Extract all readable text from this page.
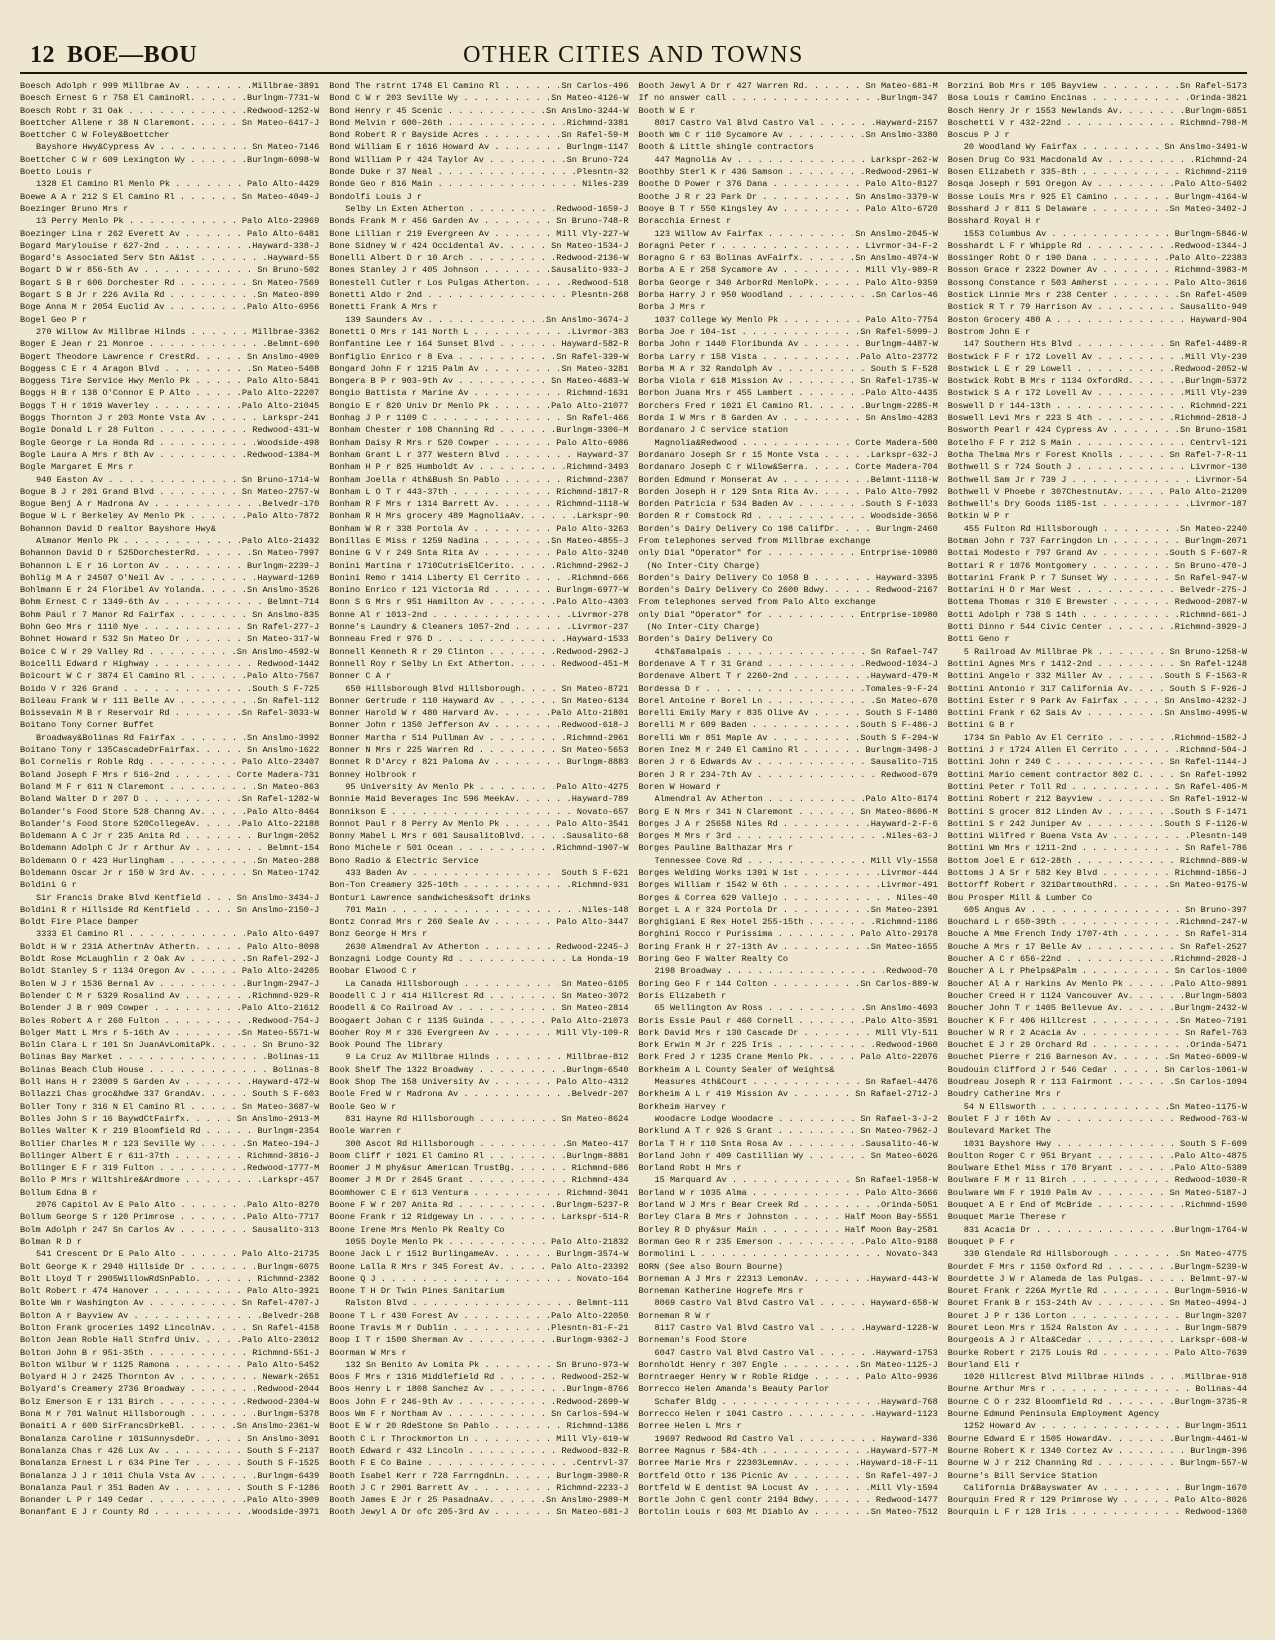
12 BOE—BOU	OTHER CITIES AND TOWNS
Boesch Adolph r 999 Millbrae Av . . .	Millbrae-3891
Boesch Ernest G r 758 El CaminoRl. . . .	Burlngm-7731-W
Boesch Robt r 31 Oak . . .	Redwood-1252-W
Boettcher Allene r 38 N Claremont. . . .	Sn Mateo-6417-J
Boettcher C W Foley&Boettcher
Bayshore Hwy&Cypress Av . . .	Sn Mateo-7146
Boettcher C W r 609 Lexington Wy . . .	Burlngm-6098-W
Boetto Louis r
1328 El Camino Rl Menlo Pk . . .	Palo Alto-4429
Boewe A A r 212 S El Camino Rl . . .	Sn Mateo-4049-J
Boezinger Bruno Mrs r
13 Perry Menlo Pk . . .	Palo Alto-23969
Boezinger Lina r 262 Everett Av . . .	Palo Alto-6481
Bogard Marylouise r 627-2nd . . .	Hayward-338-J
Bogard's Associated Serv Stn A&1st . . .	Hayward-55
Bogart D W r 856-5th Av . . .	Sn Bruno-502
Bogart S B r 606 Dorchester Rd . . .	Sn Mateo-7569
Bogart S B Jr r 226 Avila Rd . . .	Sn Mateo-899
Boge Anna M r 2054 Euclid Av . . .	Palo Alto-6956
Bogel Geo P r
270 Willow Av Millbrae Hilnds . . .	Millbrae-3362
Boger E Jean r 21 Monroe . . .	Belmnt-690
Bogert Theodore Lawrence r CrestRd. . . .	Sn Anslmo-4909
Boggess C E r 4 Aragon Blvd . . .	Sn Mateo-5408
Boggess Tire Service Hwy Menlo Pk . . .	Palo Alto-5841
Boggs H B r 138 O'Connor E P Alto . . .	Palo Alto-22207
Boggs T H r 1019 Waverley . . .	Palo Alto-21045
Boggs Thornton J r 203 Monte Vsta Av . . .	Larkspr-241
Bogie Donald L r 28 Fulton . . .	Redwood-431-W
Bogle George r La Honda Rd . . .	Woodside-498
Bogle Laura A Mrs r 8th Av . . .	Redwood-1384-M
Bogle Margaret E Mrs r
940 Easton Av . . .	Sn Bruno-1714-W
Bogue B J r 201 Grand Blvd . . .	Sn Mateo-2757-W
Bogue Benj A r Madrona Av . . .	Belvedr-170
Bogue W L r Berkeley Av Menlo Pk . . .	Palo Alto-7872
Bohannon David D realtor Bayshore Hwy&
Almanor Menlo Pk . . .	Palo Alto-21432
Bohannon David D r 525DorchesterRd. . . .	Sn Mateo-7997
Bohannon L E r 16 Lorton Av . . .	Burlngm-2239-J
Bohlig M A r 24507 O'Neil Av . . .	Hayward-1269
Bohlmann E r 24 Floribel Av Yolanda. . . .	Sn Anslmo-3526
Bohm Ernest C r 1349-6th Av . . .	Belmnt-714
Bohm Paul r 7 Manor Rd Fairfax . . .	Sn Anslmo-835
Bohn Geo Mrs r 1110 Nye . . .	Sn Rafel-277-J
Bohnet Howard r 532 Sn Mateo Dr . . .	Sn Mateo-317-W
Boice C W r 29 Valley Rd . . .	Sn Anslmo-4592-W
Boicelli Edward r Highway . . .	Redwood-1442
Boicourt W C r 3874 El Camino Rl . . .	Palo Alto-7567
Boido V r 326 Grand . . .	South S F-725
Boileau Frank W r 111 Belle Av . . .	Sn Rafel-112
Boissevain M B r Reservoir Rd . . .	Sn Rafel-3033-W
Boitano Tony Corner Buffet
Broadway&Bolinas Rd Fairfax . . .	Sn Anslmo-3992
Boitano Tony r 135CascadeDrFairfax. . . .	Sn Anslmo-1622
Bol Cornelis r Roble Rdg . . .	Palo Alto-23407
Boland Joseph F Mrs r 516-2nd . . .	Corte Madera-731
Boland M F r 611 N Claremont . . .	Sn Mateo-863
Boland Walter D r 207 D . . .	Sn Rafel-1282-W
Bolander's Food Store 528 Channg Av. . . .	Palo Alto-8464
Bolander's Food Store 520CollegeAv. . . .	Palo Alto-22188
Boldemann A C Jr r 235 Anita Rd . . .	Burlngm-2052
Boldemann Adolph C Jr r Arthur Av . . .	Belmnt-154
Boldemann O r 423 Hurlingham . . .	Sn Mateo-288
Boldemann Oscar Jr r 150 W 3rd Av. . . .	Sn Mateo-1742
Boldini G r
Sir Francis Drake Blvd Kentfield . . .	Sn Anslmo-3434-J
Boldini R r Hillside Rd Kentfield . . .	Sn Anslmo-2150-J
Boldt Fire Place Damper
3333 El Camino Rl . . .	Palo Alto-6497
Boldt H W r 231A AthertnAv Athertn. . . .	Palo Alto-8098
Boldt Rose McLaughlin r 2 Oak Av . . .	Sn Rafel-292-J
Boldt Stanley S r 1134 Oregon Av . . .	Palo Alto-24205
Bolen W J r 1536 Bernal Av . . .	Burlngm-2947-J
Bolender C M r 5329 Rosalind Av . . .	Richmnd-929-R
Bolender J B r 909 Cowper . . .	Palo Alto-21612
Boles Robert A r 260 Fulton . . .	Redwood-754-J
Bolger Matt L Mrs r 5-16th Av . . .	Sn Mateo-5571-W
Bolin Clara L r 101 Sn JuanAvLomitaPk. . . .	Sn Bruno-32
Bolinas Bay Market . . .	Bolinas-11
Bolinas Beach Club House . . .	Bolinas-8
Boll Hans H r 23009 S Garden Av . . .	Hayward-472-W
Bollazzi Chas groc&hdwe 337 GrandAv. . . .	South S F-603
Boller Tony r 316 N El Camino Rl . . .	Sn Mateo-3687-W
Bolles John S r 16 BaywdCtFairfx. . . .	Sn Anslmo-2913-M
Bolles Walter K r 219 Bloomfield Rd . . .	Burlngm-2354
Bollier Charles M r 123 Seville Wy . . .	Sn Mateo-194-J
Bollinger Albert E r 611-37th . . .	Richmnd-3816-J
Bollinger E F r 319 Fulton . . .	Redwood-1777-M
Bollo P Mrs r Wiltshire&Ardmore . . .	Larkspr-457
Bollum Edna B r
2076 Capitol Av E Palo Alto . . .	Palo Alto-8270
Bollum George S r 120 Primrose . . .	Palo Alto-7717
Bolm Adolph r 247 Sn Carlos Av . . .	Sausalito-313
Bolman R D r
541 Crescent Dr E Palo Alto . . .	Palo Alto-21735
Bolt George K r 2940 Hillside Dr . . .	Burlngm-6075
Bolt Lloyd T r 2905WillowRdSnPablo. . . .	Richmnd-2382
Bolt Robert r 474 Hanover . . .	Palo Alto-3921
Bolte Wm r Washington Av . . .	Sn Rafel-4707-J
Bolton A r Bayview Av . . .	Belvedr-268
Bolton Frank groceries 1492 LincolnAv. . . .	Sn Rafel-4158
Bolton Jean Roble Hall Stnfrd Univ. . . .	Palo Alto-23012
Bolton John B r 951-35th . . .	Richmnd-551-J
Bolton Wilbur W r 1125 Ramona . . .	Palo Alto-5452
Bolyard H J r 2425 Thornton Av . . .	Newark-2651
Bolyard's Creamery 2736 Broadway . . .	Redwood-2044
Bolz Emerson E r 131 Birch . . .	Redwood-2304-W
Bona M r 701 Walnut Hillsborough . . .	Burlngm-5378
Bonaiti A r 600 SirFrancsDrkeBl. . . .	Sn Anslmo-2361-W
Bonalanza Caroline r 101SunnysdeDr. . . .	Sn Anslmo-3091
Bonalanza Chas r 426 Lux Av . . .	South S F-2137
Bonalanza Ernest L r 634 Pine Ter . . .	South S F-1525
Bonalanza J J r 1011 Chula Vsta Av . . .	Burlngm-6439
Bonalanza Paul r 351 Baden Av . . .	South S F-1286
Bonander L P r 149 Cedar . . .	Palo Alto-3909
Bonanfant E J r County Rd . . .	Woodside-3971
Bond The rstrnt 1748 El Camino Rl . . .	Sn Carlos-496
Bond C W r 203 Seville Wy . . .	Sn Mateo-4126-W
Bond Henry r 45 Scenic . . .	Sn Anslmo-3244-W
Bond Melvin r 600-26th . . .	Richmnd-3381
Bond Robert R r Bayside Acres . . .	Sn Rafel-59-M
Bond William E r 1616 Howard Av . . .	Burlngm-1147
Bond William P r 424 Taylor Av . . .	Sn Bruno-724
Bonde Duke r 37 Neal . . .	Plesntn-32
Bonde Geo r 816 Main . . .	Niles-239
Bondolfi Louis J r
Selby Ln Exten Atherton . . .	Redwood-1659-J
Bonds Frank M r 456 Garden Av . . .	Sn Bruno-748-R
Bone Lillian r 219 Evergreen Av . . .	Mill Vly-227-W
Bone Sidney W r 424 Occidental Av. . . .	Sn Mateo-1534-J
Bonelli Albert D r 10 Arch . . .	Redwood-2136-W
Bones Stanley J r 405 Johnson . . .	Sausalito-933-J
Bonestell Cutler r Los Pulgas Atherton. . . .	Redwood-518
Bonetti Aldo r 2nd . . .	Plesntn-268
Bonetti Frank A Mrs r
139 Saunders Av . . .	Sn Anslmo-3674-J
Bonetti O Mrs r 141 North L . . .	Livrmor-383
Bonfantine Lee r 164 Sunset Blvd . . .	Hayward-582-R
Bonfiglio Enrico r 8 Eva . . .	Sn Rafel-339-W
Bongard John F r 1215 Palm Av . . .	Sn Mateo-3281
Bongera B P r 903-9th Av . . .	Sn Mateo-4683-W
Bongio Battista r Marine Av . . .	Richmnd-1631
Bongio E r 820 Univ Dr Menlo Pk . . .	Palo Alto-21077
Bonhag J P r 1109 C . . .	Sn Rafel-466
Bonham Chester r 108 Channing Rd . . .	Burlngm-3306-M
Bonham Daisy R Mrs r 520 Cowper . . .	Palo Alto-6986
Bonham Grant L r 377 Western Blvd . . .	Hayward-37
Bonham H P r 825 Humboldt Av . . .	Richmnd-3493
Bonham Joella r 4th&Bush Sn Pablo . . .	Richmnd-2387
Bonham L O T r 443-37th . . .	Richmnd-1817-R
Bonham R F Mrs r 1314 Barrett Av. . . .	Richmnd-1118-W
Bonham R H Mrs grocery 489 MagnoliaAv. . . .	Larkspr-90
Bonham W R r 338 Portola Av . . .	Palo Alto-3263
Bonillas E Miss r 1259 Nadina . . .	Sn Mateo-4855-J
Bonine G V r 249 Snta Rita Av . . .	Palo Alto-3240
Bonini Martina r 1710CutrisElCerito. . . .	Richmnd-2962-J
Bonini Remo r 1414 Liberty El Cerrito . . .	Richmnd-666
Bonino Enrico r 121 Victoria Rd . . .	Burlngm-6977-W
Bonn S G Mrs r 951 Hamilton Av . . .	Palo Alto-4303
Bonne Al r 1013-2nd . . .	Livrmor-278
Bonne's Laundry & Cleaners 1057-2nd . . .	Livrmor-237
Bonneau Fred r 976 D . . .	Hayward-1533
Bonnell Kenneth R r 29 Clinton . . .	Redwood-2962-J
Bonnell Roy r Selby Ln Ext Atherton. . . .	Redwood-451-M
Bonner C A r
650 Hillsborough Blvd Hillsborough. . . .	Sn Mateo-8721
Bonner Gertrude r 110 Hayward Av . . .	Sn Mateo-6134
Bonner Harold W r 480 Harvard Av. . . .	Palo Alto-21801
Bonner John r 1350 Jefferson Av . . .	Redwood-618-J
Bonner Martha r 514 Pullman Av . . .	Richmnd-2961
Bonner N Mrs r 225 Warren Rd . . .	Sn Mateo-5653
Bonnet R D'Arcy r 821 Paloma Av . . .	Burlngm-8883
Bonney Holbrook r
95 University Av Menlo Pk . . .	Palo Alto-4275
Bonnie Maid Beverages Inc 596 MeekAv. . . .	Hayward-789
Bonnikson E . . .	Novato-657
Bonnot Paul r 8 Perry Av Menlo Pk . . .	Palo Alto-3541
Bonny Mabel L Mrs r 601 SausalitoBlvd. . . .	Sausalito-68
Bono Michele r 501 Ocean . . .	Richmnd-1907-W
Bono Radio & Electric Service
433 Baden Av . . .	South S F-621
Bon-Ton Creamery 325-10th . . .	Richmnd-931
Bonturi Lawrence sandwiches&soft drinks
701 Main . . .	Niles-148
Bontz Conrad Mrs r 260 Seale Av . . .	Palo Alto-3447
Bonz George H Mrs r
2630 Almendral Av Atherton . . .	Redwood-2245-J
Bonzagni Lodge County Rd . . .	La Honda-19
Boobar Elwood C r
La Canada Hillsborough . . .	Sn Mateo-6105
Boodell C J r 414 Hillcrest Rd . . .	Sn Mateo-3072
Boodell & Co Railroad Av . . .	Sn Mateo-2814
Boogaert Johan C r 1135 Guinda . . .	Palo Alto-21073
Booher Roy M r 336 Evergreen Av . . .	Mill Vly-109-R
Book Pound The library
9 La Cruz Av Millbrae Hilnds . . .	Millbrae-812
Book Shelf The 1322 Broadway . . .	Burlngm-6540
Book Shop The 158 University Av . . .	Palo Alto-4312
Boole Fred W r Madrona Av . . .	Belvedr-207
Boole Geo W r
831 Hayne Rd Hillsborough . . .	Sn Mateo-8624
Boole Warren r
300 Ascot Rd Hillsborough . . .	Sn Mateo-417
Boom Cliff r 1021 El Camino Rl . . .	Burlngm-8881
Boomer J M phy&sur American TrustBg. . . .	Richmnd-686
Boomer J M Dr r 2645 Grant . . .	Richmnd-434
Boomhower C E r 613 Ventura . . .	Richmnd-3041
Boone F W r 207 Anita Rd . . .	Burlngm-5237-R
Boone Frank r 12 Ridgeway Ln . . .	Larkspr-514-R
Boone Irene Mrs Menlo Pk Realty Co
1055 Doyle Menlo Pk . . .	Palo Alto-21832
Boone Jack L r 1512 BurlingameAv. . . .	Burlngm-3574-W
Boone Lalla R Mrs r 345 Forest Av. . . .	Palo Alto-23392
Boone Q J . . .	Novato-164
Boone T H Dr Twin Pines Sanitarium
Ralston Blvd . . .	Belmnt-111
Boone T L r 430 Forest Av . . .	Palo Alto-22050
Boone Travis M r Dublin . . .	Plesntn-81-F-21
Boop I T r 1500 Sherman Av . . .	Burlngm-9362-J
Boorman W Mrs r
132 Sn Benito Av Lomita Pk . . .	Sn Bruno-973-W
Boos F Mrs r 1316 Middlefield Rd . . .	Redwood-252-W
Boos Henry L r 1808 Sanchez Av . . .	Burlngm-8766
Boos John F r 246-9th Av . . .	Redwood-2699-W
Boos Wm F r Northam Av . . .	Sn Carlos-594-W
Boot E W r 20 RdeStone Sn Pablo . . .	Richmnd-1386
Booth C L r Throckmorton Ln . . .	Mill Vly-619-W
Booth Edward r 432 Lincoln . . .	Redwood-832-R
Booth F E Co Baine . . .	Centrvl-37
Booth Isabel Kerr r 728 FarrngdnLn. . . .	Burlngm-3980-R
Booth J C r 2901 Barrett Av . . .	Richmnd-2233-J
Booth James E Jr r 25 PasadnaAv. . . .	Sn Anslmo-2989-M
Booth Jewyl A Dr ofc 205-3rd Av . . .	Sn Mateo-681-J
Booth Jewyl A Dr r 427 Warren Rd. . . .	Sn Mateo-681-M
If no answer call . . .	Burlngm-347
Booth W E r
8017 Castro Val Blvd Castro Val . . .	Hayward-2157
Booth Wm C r 110 Sycamore Av . . .	Sn Anslmo-3380
Booth & Little shingle contractors
447 Magnolia Av . . .	Larkspr-262-W
Boothby Sterl K r 436 Samson . . .	Redwood-2961-W
Boothe D Power r 376 Dana . . .	Palo Alto-8127
Boothe J R r 23 Park Dr . . .	Sn Anslmo-3379-W
Booye B T r 550 Kingsley Av . . .	Palo Alto-6720
Boracchia Ernest r
123 Willow Av Fairfax . . .	Sn Anslmo-2045-W
Boragni Peter r . . .	Livrmor-34-F-2
Boragno G r 63 Bolinas AvFairfx. . . .	Sn Anslmo-4974-W
Borba A E r 258 Sycamore Av . . .	Mill Vly-989-R
Borba George r 340 ArborRd MenloPk. . . .	Palo Alto-9359
Borba Harry J r 950 Woodland . . .	Sn Carlos-46
Borba J Mrs r
1037 College Wy Menlo Pk . . .	Palo Alto-7754
Borba Joe r 104-1st . . .	Sn Rafel-5099-J
Borba John r 1440 Floribunda Av . . .	Burlngm-4487-W
Borba Larry r 158 Vista . . .	Palo Alto-23772
Borba M A r 32 Randolph Av . . .	South S F-528
Borba Viola r 618 Mission Av . . .	Sn Rafel-1735-W
Borbon Juana Mrs r 455 Lambert . . .	Palo Alto-4435
Borchers Fred r 1021 El Camino Rl. . . .	Burlngm-2285-M
Borda I W Mrs r 8 Garden Av . . .	Sn Anslmo-4283
Bordanaro J C service station
Magnolia&Redwood . . .	Corte Madera-500
Bordanaro Joseph Sr r 15 Monte Vsta . . .	Larkspr-632-J
Bordanaro Joseph C r Wilow&Serra. . . .	Corte Madera-704
Borden Edmund r Monserat Av . . .	Belmnt-1118-W
Borden Joseph H r 129 Snta Rita Av. . . .	Palo Alto-7992
Borden Patricia r 534 Baden Av . . .	South S F-1033
Borden R r Comstock Rd . . .	Woodside-3656
Borden's Dairy Delivery Co 198 CalifDr. . . .	Burlngm-2460
From telephones served from Millbrae exchange
only Dial "Operator" for . . .	Entrprise-10980
(No Inter-City Charge)
Borden's Dairy Delivery Co 1058 B . . .	Hayward-3395
Borden's Dairy Delivery Co 2600 Bdwy. . . .	Redwood-2167
From telephones served from Palo Alto exchange
only Dial "Operator" for . . .	Entrprise-10980
(No Inter-City Charge)
Borden's Dairy Delivery Co
4th&Tamalpais . . .	Sn Rafael-747
Bordenave A T r 31 Grand . . .	Redwood-1034-J
Bordenave Albert T r 2260-2nd . . .	Hayward-479-M
Bordessa D r . . .	Tomales-9-F-24
Borel Antoine r Borel Ln . . .	Sn Mateo-670
Borelli Emily Mary r 835 Olive Av . . .	South S F-1480
Borelli M r 609 Baden . . .	South S F-486-J
Borelli Wm r 851 Maple Av . . .	South S F-294-W
Boren Inez M r 240 El Camino Rl . . .	Burlngm-3498-J
Boren J r 6 Edwards Av . . .	Sausalito-715
Boren J R r 234-7th Av . . .	Redwood-679
Boren W Howard r
Almendral Av Atherton . . .	Palo Alto-8174
Borg E N Mrs r 341 N Claremont . . .	Sn Mateo-8606-M
Borges J A r 25658 Niles Rd . . .	Hayward-2-F-6
Borges M Mrs r 3rd . . .	Niles-63-J
Borges Pauline Balthazar Mrs r
Tennessee Cove Rd . . .	Mill Vly-1558
Borges Welding Works 1391 W 1st . . .	Livrmor-444
Borges William r 1542 W 6th . . .	Livrmor-491
Borges & Correa 629 Vallejo . . .	Niles-40
Borget L A r 324 Portola Dr . . .	Sn Mateo-2391
Borghigiani E Rex Hotel 255-15th . . .	Richmnd-1186
Borghini Rocco r Purissima . . .	Palo Alto-29178
Boring Frank H r 27-13th Av . . .	Sn Mateo-1655
Boring Geo F Walter Realty Co
2198 Broadway . . .	Redwood-70
Boring Geo F r 144 Colton . . .	Sn Carlos-889-W
Boris Elizabeth r
65 Wellington Av Ross . . .	Sn Anslmo-4693
Boris Essie Paul r 460 Cornell . . .	Palo Alto-3591
Bork David Mrs r 130 Cascade Dr . . .	Mill Vly-511
Bork Erwin M Jr r 225 Iris . . .	Redwood-1960
Bork Fred J r 1235 Crane Menlo Pk. . . .	Palo Alto-22076
Borkheim A L County Sealer of Weights&
Measures 4th&Court . . .	Sn Rafael-4476
Borkheim A L r 419 Mission Av . . .	Sn Rafael-2712-J
Borkheim Harvey r
Woodacre Lodge Woodacre . . .	Sn Rafael-3-J-2
Borklund A T r 926 S Grant . . .	Sn Mateo-7962-J
Borla T H r 110 Snta Rosa Av . . .	Sausalito-46-W
Borland John r 409 Castillian Wy . . .	Sn Mateo-6026
Borland Robt H Mrs r
15 Marquard Av . . .	Sn Rafael-1958-W
Borland W r 1035 Alma . . .	Palo Alto-3666
Borland W J Mrs r Bear Creek Rd . . .	Orinda-5051
Borley Clara B Mrs r Johnston . . .	Half Moon Bay-5551
Borley R D phy&sur Main . . .	Half Moon Bay-2581
Borman Geo R r 235 Emerson . . .	Palo Alto-9188
Bormolini L . . .	Novato-343
BORN (See also Bourn Bourne)
Borneman A J Mrs r 22313 LemonAv. . . .	Hayward-443-W
Borneman Katherine Hogrefe Mrs r
8069 Castro Val Blvd Castro Val . . .	Hayward-658-W
Borneman R W r
8117 Castro Val Blvd Castro Val . . .	Hayward-1228-W
Borneman's Food Store
6047 Castro Val Blvd Castro Val . . .	Hayward-1753
Bornholdt Henry r 307 Engle . . .	Sn Mateo-1125-J
Borntraeger Henry W r Roble Ridge . . .	Palo Alto-9936
Borrecco Helen Amanda's Beauty Parlor
Schafer Bldg . . .	Hayward-768
Borrecco Helen r 1041 Castro . . .	Hayward-1123
Borree Helen L Mrs r
19697 Redwood Rd Castro Val . . .	Hayward-336
Borree Magnus r 584-4th . . .	Hayward-577-M
Borree Marie Mrs r 22303LemnAv. . . .	Hayward-18-F-11
Bortfeld Otto r 136 Picnic Av . . .	Sn Rafel-497-J
Bortfeld W E dentist 9A Locust Av . . .	Mill Vly-1594
Bortle John C genl contr 2194 Bdwy. . . .	Redwood-1477
Bortolin Louis r 603 Mt Diablo Av . . .	Sn Mateo-7512
Borzini Bob Mrs r 105 Bayview . . .	Sn Rafel-5173
Bosa Louis r Camino Encinas . . .	Orinda-3821
Bosch Henry Jr r 1553 Newlands Av. . . .	Burlngm-6851
Boschetti V r 432-22nd . . .	Richmnd-798-M
Boscus P J r
20 Woodland Wy Fairfax . . .	Sn Anslmo-3491-W
Bosen Drug Co 931 Macdonald Av . . .	Richmnd-24
Bosen Elizabeth r 335-8th . . .	Richmnd-2119
Bosqa Joseph r 591 Oregon Av . . .	Palo Alto-5402
Bosse Louis Mrs r 925 El Camino . . .	Burlngm-4164-W
Bosshard J r 811 S Delaware . . .	Sn Mateo-3402-J
Bosshard Royal H r
1553 Columbus Av . . .	Burlngm-5846-W
Bosshardt L F r Whipple Rd . . .	Redwood-1344-J
Bossinger Robt O r 190 Dana . . .	Palo Alto-22383
Bosson Grace r 2322 Downer Av . . .	Richmnd-3983-M
Bossong Constance r 503 Amherst . . .	Palo Alto-3616
Bostick Linnie Mrs r 238 Center . . .	Sn Rafel-4509
Bostick R T r 79 Harrison Av . . .	Sausalito-949
Boston Grocery 480 A . . .	Hayward-904
Bostrom John E r
147 Southern Hts Blvd . . .	Sn Rafel-4489-R
Bostwick F F r 172 Lovell Av . . .	Mill Vly-239
Bostwick L E r 29 Lowell . . .	Redwood-2052-W
Bostwick Robt B Mrs r 1134 OxfordRd. . . .	Burlngm-5372
Bostwick S A r 172 Lovell Av . . .	Mill Vly-239
Boswell D r 144-13th . . .	Richmnd-221
Boswell Levi Mrs r 223 S 4th . . .	Richmnd-2818-J
Bosworth Pearl r 424 Cypress Av . . .	Sn Bruno-1581
Botelho F F r 212 S Main . . .	Centrvl-121
Botha Thelma Mrs r Forest Knolls . . .	Sn Rafel-7-R-11
Bothwell S r 724 South J . . .	Livrmor-130
Bothwell Sam Jr r 739 J . . .	Livrmor-54
Bothwell V Phoebe r 307ChestnutAv. . . .	Palo Alto-21209
Bothwell's Dry Goods 1185-1st . . .	Livrmor-187
Botkin W P r
455 Fulton Rd Hillsborough . . .	Sn Mateo-2240
Botman John r 737 Farringdon Ln . . .	Burlngm-2071
Bottai Modesto r 797 Grand Av . . .	South S F-607-R
Bottari R r 1076 Montgomery . . .	Sn Bruno-470-J
Bottarini Frank P r 7 Sunset Wy . . .	Sn Rafel-947-W
Bottarini H D r Mar West . . .	Belvedr-275-J
Bottema Thomas r 310 E Brewster . . .	Redwood-2087-W
Botti Adolph r 738 S 14th . . .	Richmnd-661-J
Botti Dinno r 544 Civic Center . . .	Richmnd-3929-J
Botti Geno r
5 Railroad Av Millbrae Pk . . .	Sn Bruno-1258-W
Bottini Agnes Mrs r 1412-2nd . . .	Sn Rafel-1248
Bottini Angelo r 332 Miller Av . . .	South S F-1563-R
Bottini Antonio r 317 California Av. . . .	South S F-926-J
Bottini Ester r 9 Park Av Fairfax . . .	Sn Anslmo-4232-J
Bottini Frank r 62 Sais Av . . .	Sn Anslmo-4995-W
Bottini G B r
1734 Sn Pablo Av El Cerrito . . .	Richmnd-1582-J
Bottini J r 1724 Allen El Cerrito . . .	Richmnd-504-J
Bottini John r 240 C . . .	Sn Rafel-1144-J
Bottini Mario cement contractor 802 C. . . .	Sn Rafel-1992
Bottini Peter r Toll Rd . . .	Sn Rafel-405-M
Bottini Robert r 212 Bayview . . .	Sn Rafel-1912-W
Bottini S grocer 812 Linden Av . . .	South S F-1471
Bottini S r 242 Juniper Av . . .	South S F-1126-W
Bottini Wilfred r Buena Vsta Av . . .	Plesntn-149
Bottini Wm Mrs r 1211-2nd . . .	Sn Rafel-786
Bottom Joel E r 612-28th . . .	Richmnd-889-W
Bottoms J A Sr r 582 Key Blvd . . .	Richmnd-1856-J
Bottorff Robert r 321DartmouthRd. . . .	Sn Mateo-9175-W
Bou Prosper Mill & Lumber Co
605 Angus Av . . .	Sn Bruno-397
Bouchard L r 650-39th . . .	Richmnd-247-W
Bouche A Mme French Indy 1707-4th . . .	Sn Rafel-314
Bouche A Mrs r 17 Belle Av . . .	Sn Rafel-2527
Boucher A C r 656-22nd . . .	Richmnd-2028-J
Boucher A L r Phelps&Palm . . .	Sn Carlos-1000
Boucher Al A r Harkins Av Menlo Pk . . .	Palo Alto-9891
Boucher Creed H r 1124 Vancouver Av. . . .	Burlngm-5803
Boucher John T r 1405 Bellevue Av. . . .	Burlngm-2432-W
Boucher K F r 406 Hillcrest . . .	Sn Mateo-7191
Boucher W R r 2 Acacia Av . . .	Sn Rafel-763
Bouchet E J r 29 Orchard Rd . . .	Orinda-5471
Bouchet Pierre r 216 Barneson Av. . . .	Sn Mateo-6009-W
Boudouin Clifford J r 546 Cedar . . .	Sn Carlos-1061-W
Boudreau Joseph R r 113 Fairmont . . .	Sn Carlos-1094
Boudry Catherine Mrs r
54 N Ellsworth . . .	Sn Mateo-1175-W
Boulet F J r 10th Av . . .	Redwood-763-W
Boulevard Market The
1031 Bayshore Hwy . . .	South S F-609
Boulton Roger C r 951 Bryant . . .	Palo Alto-4875
Boulware Ethel Miss r 170 Bryant . . .	Palo Alto-5389
Boulware F M r 11 Birch . . .	Redwood-1030-R
Boulware Wm F r 1910 Palm Av . . .	Sn Mateo-5187-J
Bouquet A E r End of McBride . . .	Richmnd-1590
Bouquet Marie Therese r
831 Acacia Dr . . .	Burlngm-1764-W
Bouquet P F r
330 Glendale Rd Hillsborough . . .	Sn Mateo-4775
Bourdet F Mrs r 1150 Oxford Rd . . .	Burlngm-5239-W
Bourdette J W r Alameda de las Pulgas. . . .	Belmnt-97-W
Bouret Frank r 226A Myrtle Rd . . .	Burlngm-5916-W
Bouret Frank B r 153-24th Av . . .	Sn Mateo-4994-J
Bouret J P r 136 Lorton . . .	Burlngm-3207
Bouret Leon Mrs r 1524 Ralston Av . . .	Burlngm-5879
Bourgeois A J r Alta&Cedar . . .	Larkspr-608-W
Bourke Robert r 2175 Louis Rd . . .	Palo Alto-7639
Bourland Eli r
1020 Hillcrest Blvd Millbrae Hilnds . . .	Millbrae-918
Bourne Arthur Mrs r . . .	Bolinas-44
Bourne C O r 232 Bloomfield Rd . . .	Burlngm-3735-R
Bourne Edmund Peninsula Employment Agency
1252 Howard Av . . .	Burlngm-3511
Bourne Edward E r 1505 HowardAv. . . .	Burlngm-4461-W
Bourne Robert K r 1340 Cortez Av . . .	Burlngm-396
Bourne W J r 212 Channing Rd . . .	Burlngm-557-W
Bourne's Bill Service Station
California Dr&Bayswater Av . . .	Burlngm-1670
Bourquin Fred R r 129 Primrose Wy . . .	Palo Alto-8026
Bourquin L F r 128 Iris . . .	Redwood-1360
